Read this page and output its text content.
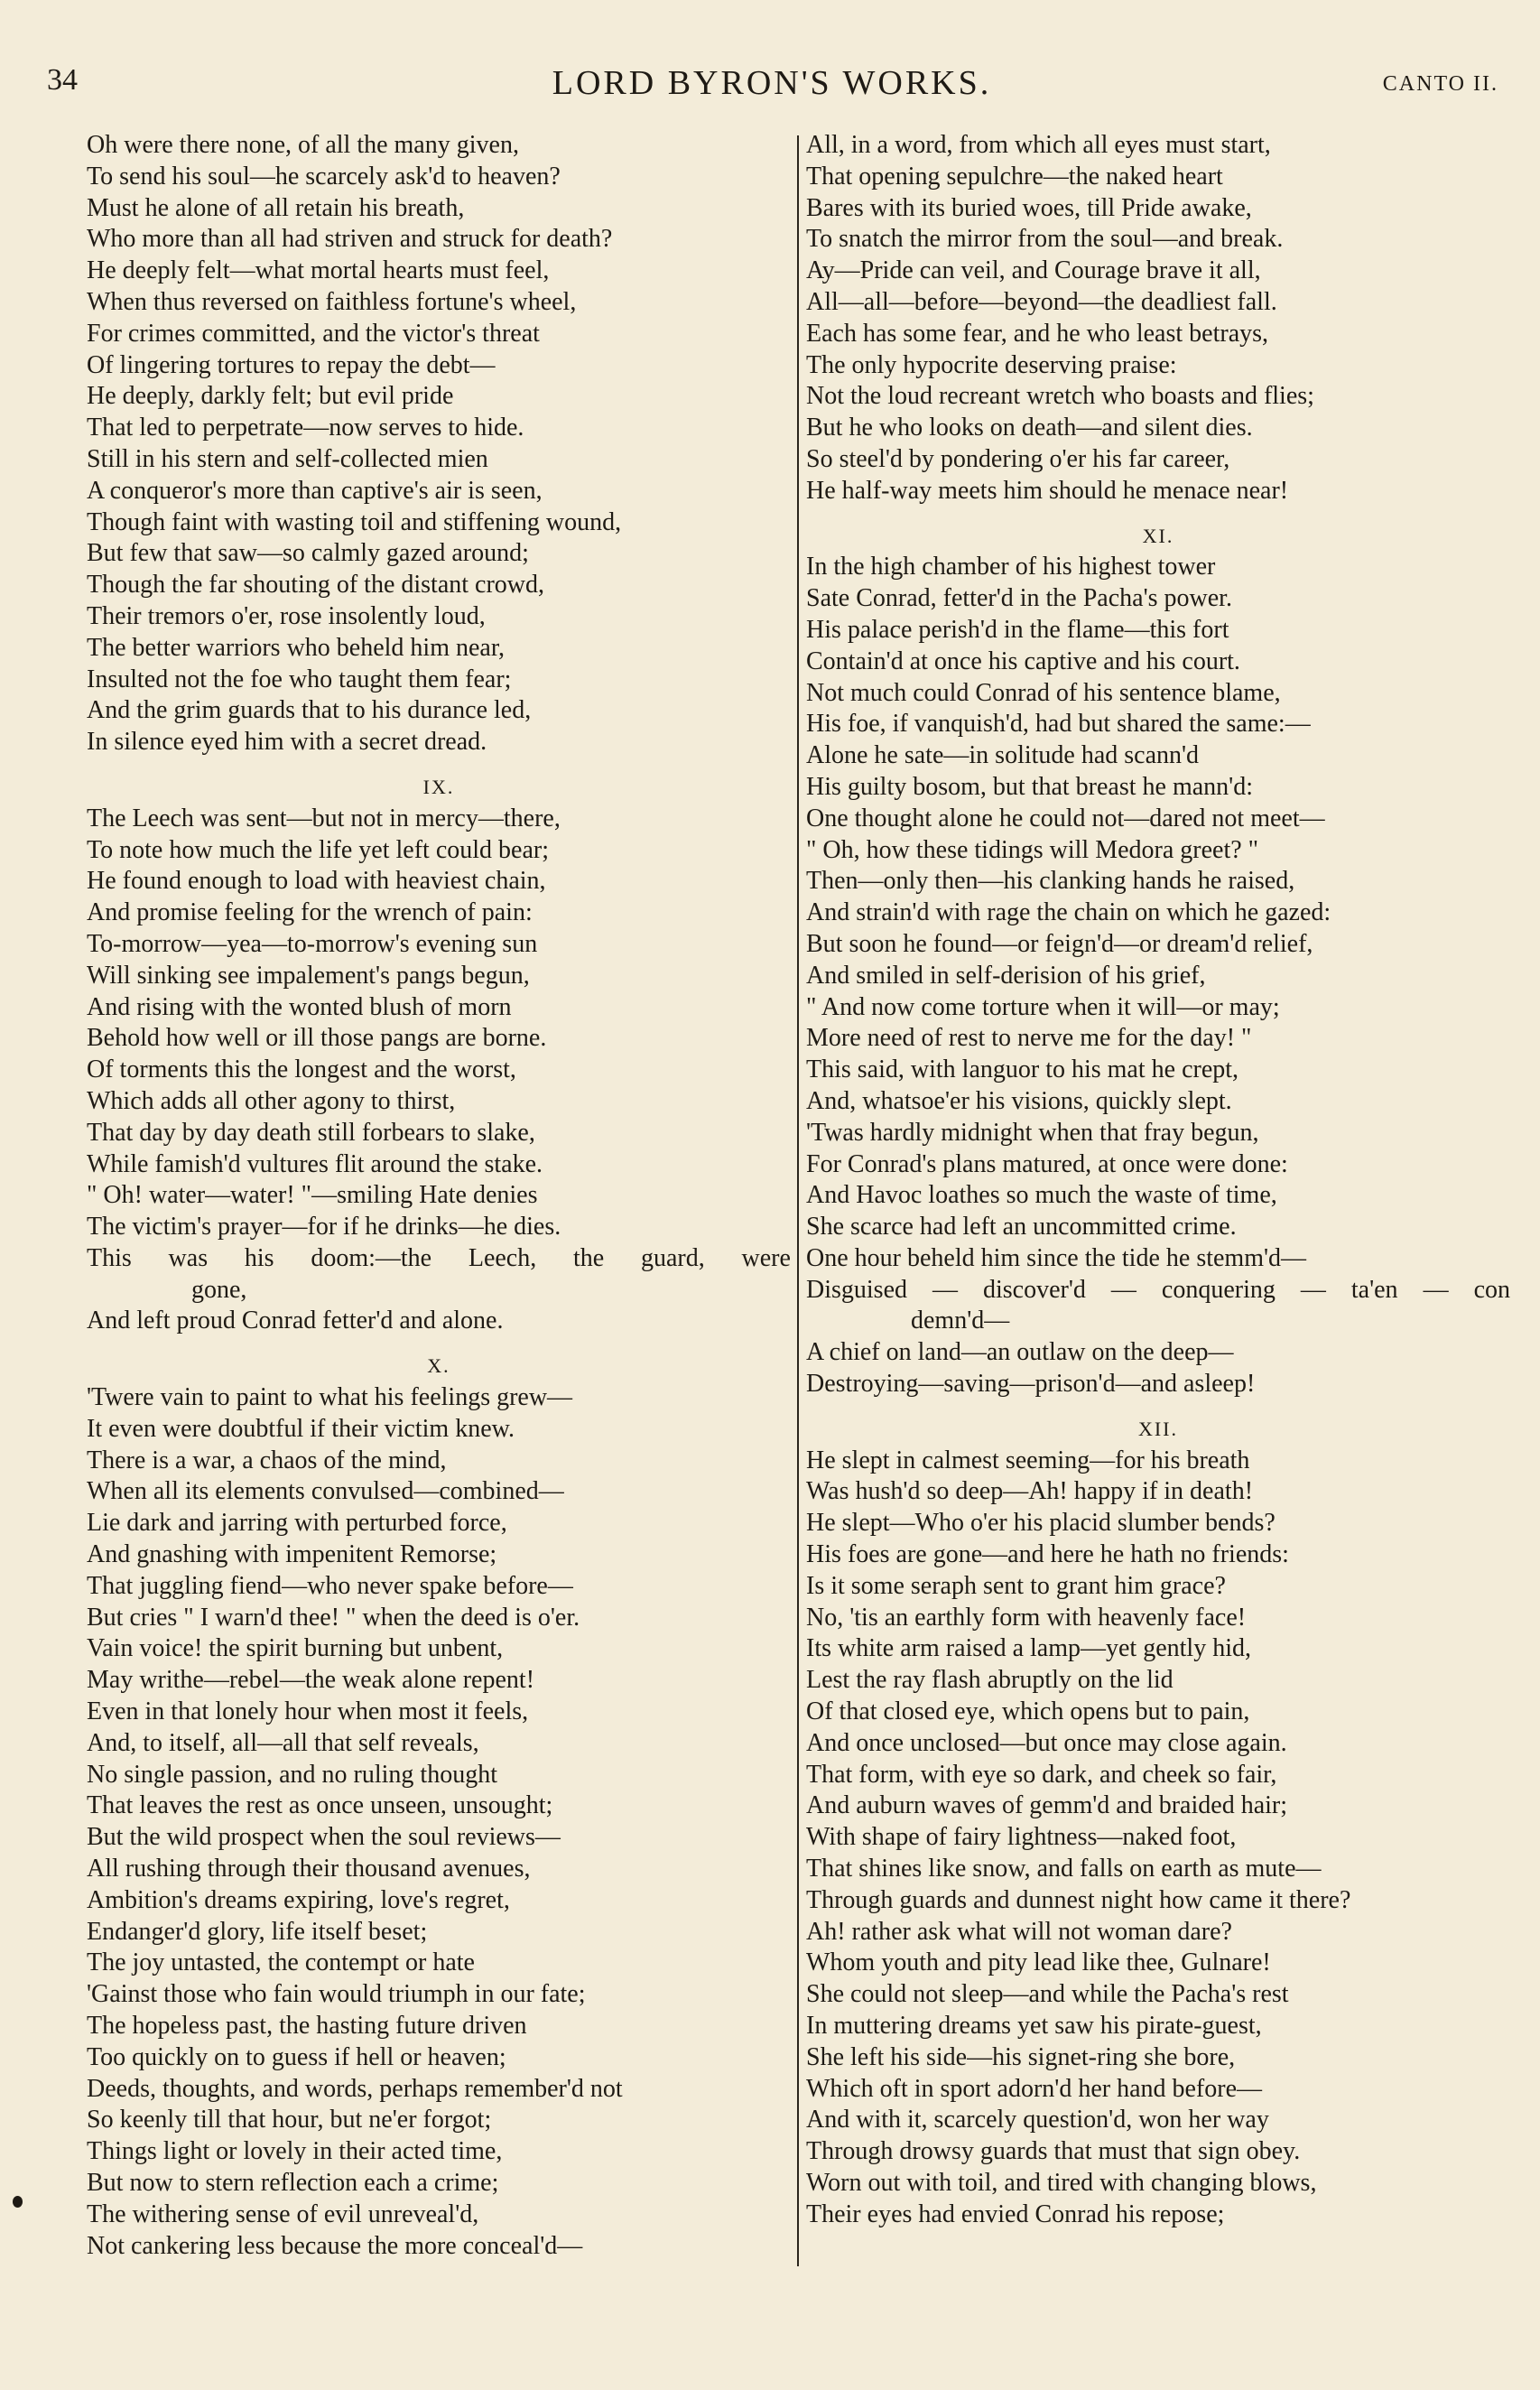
34	LORD BYRON'S WORKS.	CANTO II.
Oh were there none, of all the many given,
To send his soul—he scarcely ask'd to heaven?
Must he alone of all retain his breath,
Who more than all had striven and struck for death?
He deeply felt—what mortal hearts must feel,
When thus reversed on faithless fortune's wheel,
For crimes committed, and the victor's threat
Of lingering tortures to repay the debt—
He deeply, darkly felt; but evil pride
That led to perpetrate—now serves to hide.
Still in his stern and self-collected mien
A conqueror's more than captive's air is seen,
Though faint with wasting toil and stiffening wound,
But few that saw—so calmly gazed around;
Though the far shouting of the distant crowd,
Their tremors o'er, rose insolently loud,
The better warriors who beheld him near,
Insulted not the foe who taught them fear;
And the grim guards that to his durance led,
In silence eyed him with a secret dread.
IX.
The Leech was sent—but not in mercy—there,
To note how much the life yet left could bear;
He found enough to load with heaviest chain,
And promise feeling for the wrench of pain:
To-morrow—yea—to-morrow's evening sun
Will sinking see impalement's pangs begun,
And rising with the wonted blush of morn
Behold how well or ill those pangs are borne.
Of torments this the longest and the worst,
Which adds all other agony to thirst,
That day by day death still forbears to slake,
While famish'd vultures flit around the stake.
" Oh! water—water! "—smiling Hate denies
The victim's prayer—for if he drinks—he dies.
This was his doom:—the Leech, the guard, were
gone,
And left proud Conrad fetter'd and alone.
X.
'Twere vain to paint to what his feelings grew—
It even were doubtful if their victim knew.
There is a war, a chaos of the mind,
When all its elements convulsed—combined—
Lie dark and jarring with perturbed force,
And gnashing with impenitent Remorse;
That juggling fiend—who never spake before—
But cries " I warn'd thee! " when the deed is o'er.
Vain voice! the spirit burning but unbent,
May writhe—rebel—the weak alone repent!
Even in that lonely hour when most it feels,
And, to itself, all—all that self reveals,
No single passion, and no ruling thought
That leaves the rest as once unseen, unsought;
But the wild prospect when the soul reviews—
All rushing through their thousand avenues,
Ambition's dreams expiring, love's regret,
Endanger'd glory, life itself beset;
The joy untasted, the contempt or hate
'Gainst those who fain would triumph in our fate;
The hopeless past, the hasting future driven
Too quickly on to guess if hell or heaven;
Deeds, thoughts, and words, perhaps remember'd not
So keenly till that hour, but ne'er forgot;
Things light or lovely in their acted time,
But now to stern reflection each a crime;
The withering sense of evil unreveal'd,
Not cankering less because the more conceal'd—
All, in a word, from which all eyes must start,
That opening sepulchre—the naked heart
Bares with its buried woes, till Pride awake,
To snatch the mirror from the soul—and break.
Ay—Pride can veil, and Courage brave it all,
All—all—before—beyond—the deadliest fall.
Each has some fear, and he who least betrays,
The only hypocrite deserving praise:
Not the loud recreant wretch who boasts and flies;
But he who looks on death—and silent dies.
So steel'd by pondering o'er his far career,
He half-way meets him should he menace near!
XI.
In the high chamber of his highest tower
Sate Conrad, fetter'd in the Pacha's power.
His palace perish'd in the flame—this fort
Contain'd at once his captive and his court.
Not much could Conrad of his sentence blame,
His foe, if vanquish'd, had but shared the same:—
Alone he sate—in solitude had scann'd
His guilty bosom, but that breast he mann'd:
One thought alone he could not—dared not meet—
" Oh, how these tidings will Medora greet? "
Then—only then—his clanking hands he raised,
And strain'd with rage the chain on which he gazed:
But soon he found—or feign'd—or dream'd relief,
And smiled in self-derision of his grief,
" And now come torture when it will—or may;
More need of rest to nerve me for the day! "
This said, with languor to his mat he crept,
And, whatsoe'er his visions, quickly slept.
'Twas hardly midnight when that fray begun,
For Conrad's plans matured, at once were done:
And Havoc loathes so much the waste of time,
She scarce had left an uncommitted crime.
One hour beheld him since the tide he stemm'd—
Disguised — discover'd — conquering — ta'en — con
demn'd—
A chief on land—an outlaw on the deep—
Destroying—saving—prison'd—and asleep!
XII.
He slept in calmest seeming—for his breath
Was hush'd so deep—Ah! happy if in death!
He slept—Who o'er his placid slumber bends?
His foes are gone—and here he hath no friends:
Is it some seraph sent to grant him grace?
No, 'tis an earthly form with heavenly face!
Its white arm raised a lamp—yet gently hid,
Lest the ray flash abruptly on the lid
Of that closed eye, which opens but to pain,
And once unclosed—but once may close again.
That form, with eye so dark, and cheek so fair,
And auburn waves of gemm'd and braided hair;
With shape of fairy lightness—naked foot,
That shines like snow, and falls on earth as mute—
Through guards and dunnest night how came it there?
Ah! rather ask what will not woman dare?
Whom youth and pity lead like thee, Gulnare!
She could not sleep—and while the Pacha's rest
In muttering dreams yet saw his pirate-guest,
She left his side—his signet-ring she bore,
Which oft in sport adorn'd her hand before—
And with it, scarcely question'd, won her way
Through drowsy guards that must that sign obey.
Worn out with toil, and tired with changing blows,
Their eyes had envied Conrad his repose;
